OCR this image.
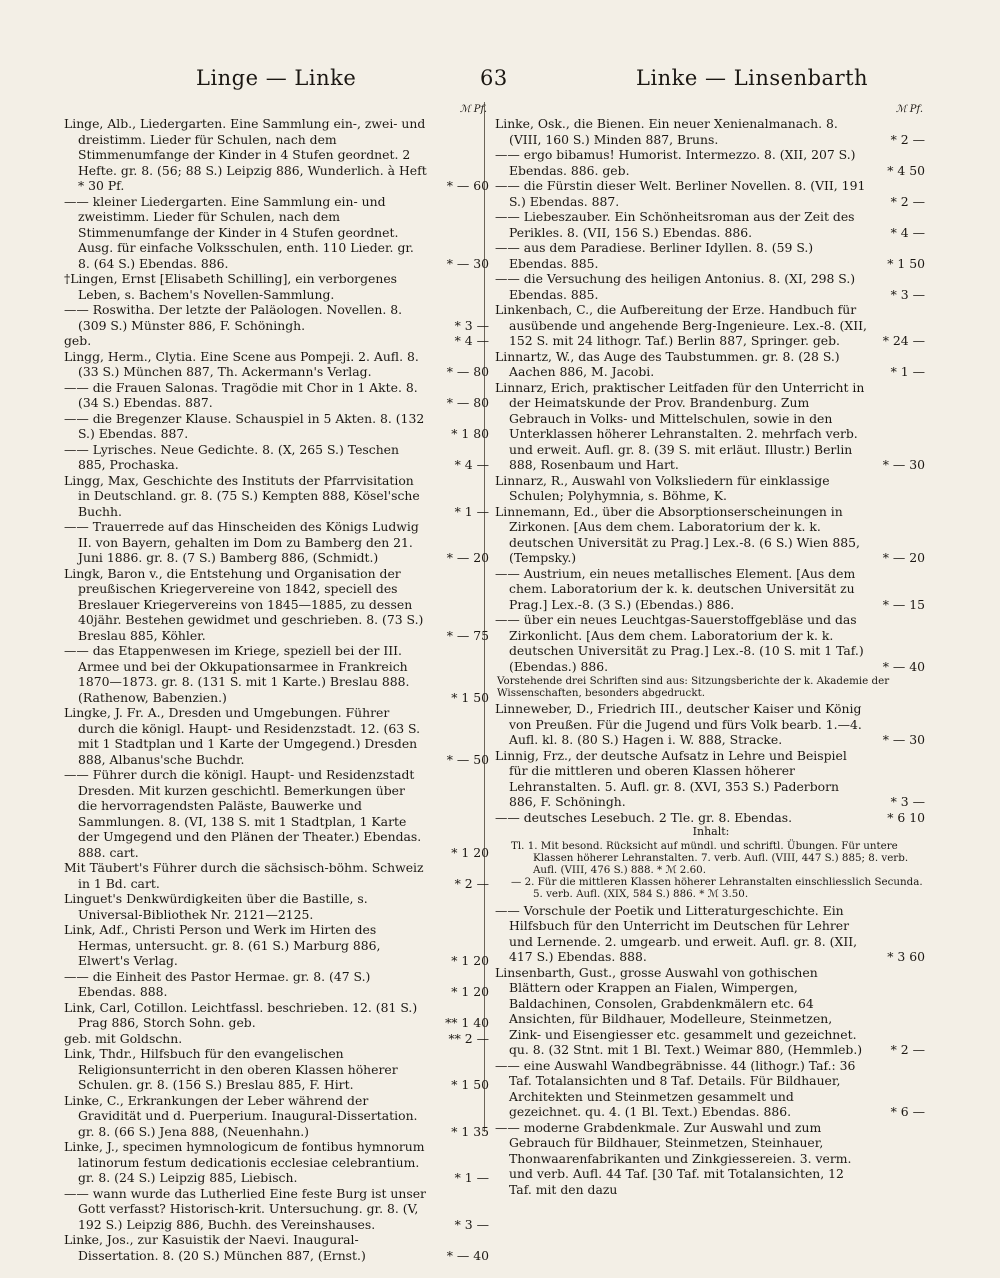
Linge — Linke	63	Linke — Linsenbarth
ℳ Pf.
Linge, Alb., Liedergarten. Eine Sammlung ein-, zwei- und dreistimm. Lieder für Schulen, nach dem Stimmenumfange der Kinder in 4 Stufen geordnet. 2 Hefte. gr. 8. (56; 88 S.) Leipzig 886, Wunderlich. à Heft * 30 Pf.	* — 60
—— kleiner Liedergarten. Eine Sammlung ein- und zweistimm. Lieder für Schulen, nach dem Stimmenumfange der Kinder in 4 Stufen geordnet. Ausg. für einfache Volksschulen, enth. 110 Lieder. gr. 8. (64 S.) Ebendas. 886.	* — 30
†Lingen, Ernst [Elisabeth Schilling], ein verborgenes Leben, s. Bachem's Novellen-Sammlung.
—— Roswitha. Der letzte der Paläologen. Novellen. 8. (309 S.) Münster 886, F. Schöningh.	* 3 —
geb.	* 4 —
Lingg, Herm., Clytia. Eine Scene aus Pompeji. 2. Aufl. 8. (33 S.) München 887, Th. Ackermann's Verlag.	* — 80
—— die Frauen Salonas. Tragödie mit Chor in 1 Akte. 8. (34 S.) Ebendas. 887.	* — 80
—— die Bregenzer Klause. Schauspiel in 5 Akten. 8. (132 S.) Ebendas. 887.	* 1 80
—— Lyrisches. Neue Gedichte. 8. (X, 265 S.) Teschen 885, Prochaska.	* 4 —
Lingg, Max, Geschichte des Instituts der Pfarrvisitation in Deutschland. gr. 8. (75 S.) Kempten 888, Kösel'sche Buchh.	* 1 —
—— Trauerrede auf das Hinscheiden des Königs Ludwig II. von Bayern, gehalten im Dom zu Bamberg den 21. Juni 1886. gr. 8. (7 S.) Bamberg 886, (Schmidt.)	* — 20
Lingk, Baron v., die Entstehung und Organisation der preußischen Kriegervereine von 1842, speciell des Breslauer Kriegervereins von 1845—1885, zu dessen 40jähr. Bestehen gewidmet und geschrieben. 8. (73 S.) Breslau 885, Köhler.	* — 75
—— das Etappenwesen im Kriege, speziell bei der III. Armee und bei der Okkupationsarmee in Frankreich 1870—1873. gr. 8. (131 S. mit 1 Karte.) Breslau 888. (Rathenow, Babenzien.)	* 1 50
Lingke, J. Fr. A., Dresden und Umgebungen. Führer durch die königl. Haupt- und Residenzstadt. 12. (63 S. mit 1 Stadtplan und 1 Karte der Umgegend.) Dresden 888, Albanus'sche Buchdr.	* — 50
—— Führer durch die königl. Haupt- und Residenzstadt Dresden. Mit kurzen geschichtl. Bemerkungen über die hervorragendsten Paläste, Bauwerke und Sammlungen. 8. (VI, 138 S. mit 1 Stadtplan, 1 Karte der Umgegend und den Plänen der Theater.) Ebendas. 888. cart.	* 1 20
Mit Täubert's Führer durch die sächsisch-böhm. Schweiz in 1 Bd. cart.	* 2 —
Linguet's Denkwürdigkeiten über die Bastille, s. Universal-Bibliothek Nr. 2121—2125.
Link, Adf., Christi Person und Werk im Hirten des Hermas, untersucht. gr. 8. (61 S.) Marburg 886, Elwert's Verlag.	* 1 20
—— die Einheit des Pastor Hermae. gr. 8. (47 S.) Ebendas. 888.	* 1 20
Link, Carl, Cotillon. Leichtfassl. beschrieben. 12. (81 S.) Prag 886, Storch Sohn. geb.	** 1 40
geb. mit Goldschn.	** 2 —
Link, Thdr., Hilfsbuch für den evangelischen Religionsunterricht in den oberen Klassen höherer Schulen. gr. 8. (156 S.) Breslau 885, F. Hirt.	* 1 50
Linke, C., Erkrankungen der Leber während der Gravidität und d. Puerperium. Inaugural-Dissertation. gr. 8. (66 S.) Jena 888, (Neuenhahn.)	* 1 35
Linke, J., specimen hymnologicum de fontibus hymnorum latinorum festum dedicationis ecclesiae celebrantium. gr. 8. (24 S.) Leipzig 885, Liebisch.	* 1 —
—— wann wurde das Lutherlied Eine feste Burg ist unser Gott verfasst? Historisch-krit. Untersuchung. gr. 8. (V, 192 S.) Leipzig 886, Buchh. des Vereinshauses.	* 3 —
Linke, Jos., zur Kasuistik der Naevi. Inaugural-Dissertation. 8. (20 S.) München 887, (Ernst.)	* — 40
ℳ Pf.
Linke, Osk., die Bienen. Ein neuer Xenienalmanach. 8. (VIII, 160 S.) Minden 887, Bruns.	* 2 —
—— ergo bibamus! Humorist. Intermezzo. 8. (XII, 207 S.) Ebendas. 886. geb.	* 4 50
—— die Fürstin dieser Welt. Berliner Novellen. 8. (VII, 191 S.) Ebendas. 887.	* 2 —
—— Liebeszauber. Ein Schönheitsroman aus der Zeit des Perikles. 8. (VII, 156 S.) Ebendas. 886.	* 4 —
—— aus dem Paradiese. Berliner Idyllen. 8. (59 S.) Ebendas. 885.	* 1 50
—— die Versuchung des heiligen Antonius. 8. (XI, 298 S.) Ebendas. 885.	* 3 —
Linkenbach, C., die Aufbereitung der Erze. Handbuch für ausübende und angehende Berg-Ingenieure. Lex.-8. (XII, 152 S. mit 24 lithogr. Taf.) Berlin 887, Springer. geb.	* 24 —
Linnartz, W., das Auge des Taubstummen. gr. 8. (28 S.) Aachen 886, M. Jacobi.	* 1 —
Linnarz, Erich, praktischer Leitfaden für den Unterricht in der Heimatskunde der Prov. Brandenburg. Zum Gebrauch in Volks- und Mittelschulen, sowie in den Unterklassen höherer Lehranstalten. 2. mehrfach verb. und erweit. Aufl. gr. 8. (39 S. mit erläut. Illustr.) Berlin 888, Rosenbaum und Hart.	* — 30
Linnarz, R., Auswahl von Volksliedern für einklassige Schulen; Polyhymnia, s. Böhme, K.
Linnemann, Ed., über die Absorptionserscheinungen in Zirkonen. [Aus dem chem. Laboratorium der k. k. deutschen Universität zu Prag.] Lex.-8. (6 S.) Wien 885, (Tempsky.)	* — 20
—— Austrium, ein neues metallisches Element. [Aus dem chem. Laboratorium der k. k. deutschen Universität zu Prag.] Lex.-8. (3 S.) (Ebendas.) 886.	* — 15
—— über ein neues Leuchtgas-Sauerstoffgebläse und das Zirkonlicht. [Aus dem chem. Laboratorium der k. k. deutschen Universität zu Prag.] Lex.-8. (10 S. mit 1 Taf.) (Ebendas.) 886.	* — 40
Vorstehende drei Schriften sind aus: Sitzungsberichte der k. Akademie der Wissenschaften, besonders abgedruckt.
Linneweber, D., Friedrich III., deutscher Kaiser und König von Preußen. Für die Jugend und fürs Volk bearb. 1.—4. Aufl. kl. 8. (80 S.) Hagen i. W. 888, Stracke.	* — 30
Linnig, Frz., der deutsche Aufsatz in Lehre und Beispiel für die mittleren und oberen Klassen höherer Lehranstalten. 5. Aufl. gr. 8. (XVI, 353 S.) Paderborn 886, F. Schöningh.	* 3 —
—— deutsches Lesebuch. 2 Tle. gr. 8. Ebendas.	* 6 10
Inhalt:
Tl. 1. Mit besond. Rücksicht auf mündl. und schriftl. Übungen. Für untere Klassen höherer Lehranstalten. 7. verb. Aufl. (VIII, 447 S.) 885; 8. verb. Aufl. (VIII, 476 S.) 888. * ℳ 2.60.
— 2. Für die mittleren Klassen höherer Lehranstalten einschliesslich Secunda. 5. verb. Aufl. (XIX, 584 S.) 886. * ℳ 3.50.
—— Vorschule der Poetik und Litteraturgeschichte. Ein Hilfsbuch für den Unterricht im Deutschen für Lehrer und Lernende. 2. umgearb. und erweit. Aufl. gr. 8. (XII, 417 S.) Ebendas. 888.	* 3 60
Linsenbarth, Gust., grosse Auswahl von gothischen Blättern oder Krappen an Fialen, Wimpergen, Baldachinen, Consolen, Grabdenkmälern etc. 64 Ansichten, für Bildhauer, Modelleure, Steinmetzen, Zink- und Eisengiesser etc. gesammelt und gezeichnet. qu. 8. (32 Stnt. mit 1 Bl. Text.) Weimar 880, (Hemmleb.)	* 2 —
—— eine Auswahl Wandbegräbnisse. 44 (lithogr.) Taf.: 36 Taf. Totalansichten und 8 Taf. Details. Für Bildhauer, Architekten und Steinmetzen gesammelt und gezeichnet. qu. 4. (1 Bl. Text.) Ebendas. 886.	* 6 —
—— moderne Grabdenkmale. Zur Auswahl und zum Gebrauch für Bildhauer, Steinmetzen, Steinhauer, Thonwaarenfabrikanten und Zinkgiessereien. 3. verm. und verb. Aufl. 44 Taf. [30 Taf. mit Totalansichten, 12 Taf. mit den dazu
